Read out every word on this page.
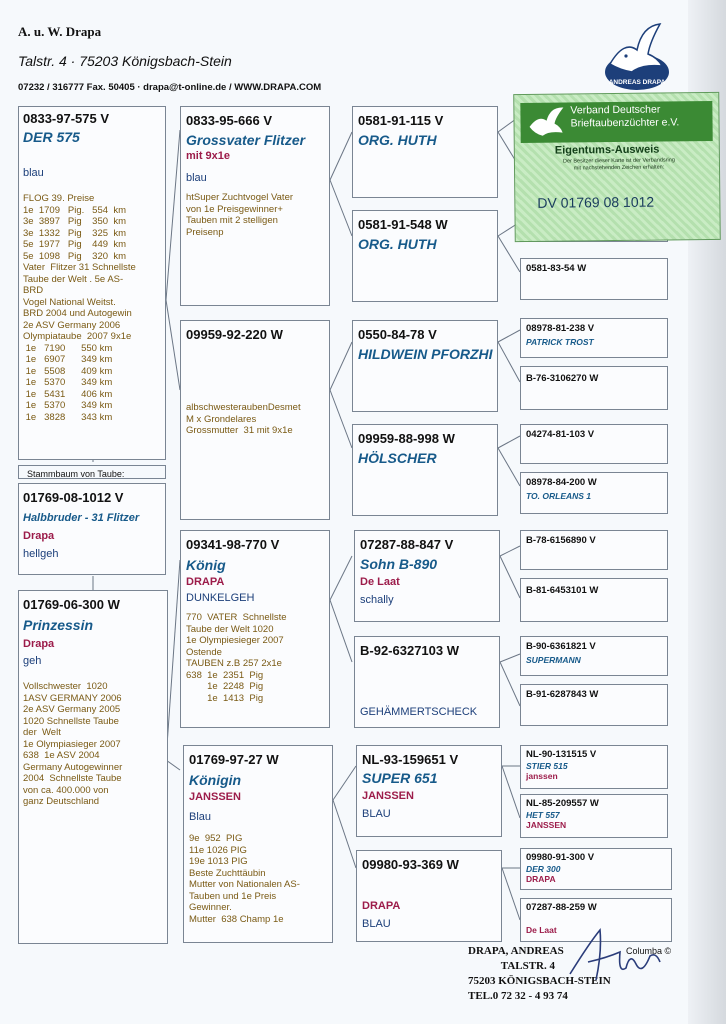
A. u. W. Drapa
Talstr. 4 · 75203 Königsbach-Stein
07232 / 316777 Fax. 50405 · drapa@t-online.de / WWW.DRAPA.COM	ANDREAS DRAPA
0833-97-575 V
DER 575
blau
FLOG 39. Preise
1e  1709   Pig.   554  km
3e  3897   Pig    350  km
3e  1332   Pig    325  km
5e  1977   Pig    449  km
5e  1098   Pig    320  km
Vater  Flitzer 31 Schnellste
Taube der Welt . 5e AS-
BRD
Vogel National Weitst.
BRD 2004 und Autogewin
2e ASV Germany 2006
Olympiataube  2007 9x1e
1e   7190      550 km
1e   6907      349 km
1e   5508      409 km
1e   5370      349 km
1e   5431      406 km
1e   5370      349 km
1e   3828      343 km
Stammbaum von Taube:
01769-08-1012 V
Halbbruder - 31 Flitzer
Drapa
hellgeh
01769-06-300 W
Prinzessin
Drapa
geh
Vollschwester  1020
1ASV GERMANY 2006
2e ASV Germany 2005
1020 Schnellste Taube
der  Welt
1e Olympiasieger 2007
638  1e ASV 2004
Germany Autogewinner
2004  Schnellste Taube
von ca. 400.000 von
ganz Deutschland
0833-95-666 V
Grossvater Flitzer
mit 9x1e
blau
htSuper Zuchtvogel Vater
von 1e Preisgewinner+
Tauben mit 2 stelligen
Preisenp
09959-92-220 W
albschwesteraubenDesmet
M x Grondelares
Grossmutter  31 mit 9x1e
09341-98-770 V
König
DRAPA
DUNKELGEH
770  VATER  Schnellste
Taube der Welt 1020
1e Olympiesieger 2007
Ostende
TAUBEN z.B 257 2x1e
638  1e  2351  Pig
1e  2248  Pig
1e  1413  Pig
01769-97-27 W
Königin
JANSSEN
Blau
9e  952  PIG
11e 1026 PIG
19e 1013 PIG
Beste Zuchttäubin
Mutter von Nationalen AS-
Tauben und 1e Preis
Gewinner.
Mutter  638 Champ 1e
0581-91-115 V
ORG. HUTH
0581-91-548 W
ORG. HUTH
0550-84-78 V
HILDWEIN PFORZHI
09959-88-998 W
HÖLSCHER
07287-88-847 V
Sohn B-890
De Laat
schally
B-92-6327103 W
GEHÄMMERTSCHECK
NL-93-159651 V
SUPER 651
JANSSEN
BLAU
09980-93-369 W
DRAPA
BLAU
0581-83-54 W
08978-81-238 V
PATRICK TROST
B-76-3106270 W
04274-81-103 V
08978-84-200 W
TO. ORLEANS 1
B-78-6156890 V
B-81-6453101 W
B-90-6361821 V
SUPERMANN
B-91-6287843 W
NL-90-131515 V
STIER 515
janssen
NL-85-209557 W
HET 557
JANSSEN
09980-91-300 V
DER 300
DRAPA
07287-88-259 W
De Laat
Verband Deutscher
Brieftaubenzüchter e.V.
Eigentums-Ausweis
Der Besitzer dieser Karte ist der Verbandsring
mit nachstehenden Zeichen erhalten:
DV 01769 08 1012
DRAPA, ANDREAS
TALSTR. 4
75203 KÖNIGSBACH-STEIN
TEL.0 72 32 - 4 93 74
Columba ©
